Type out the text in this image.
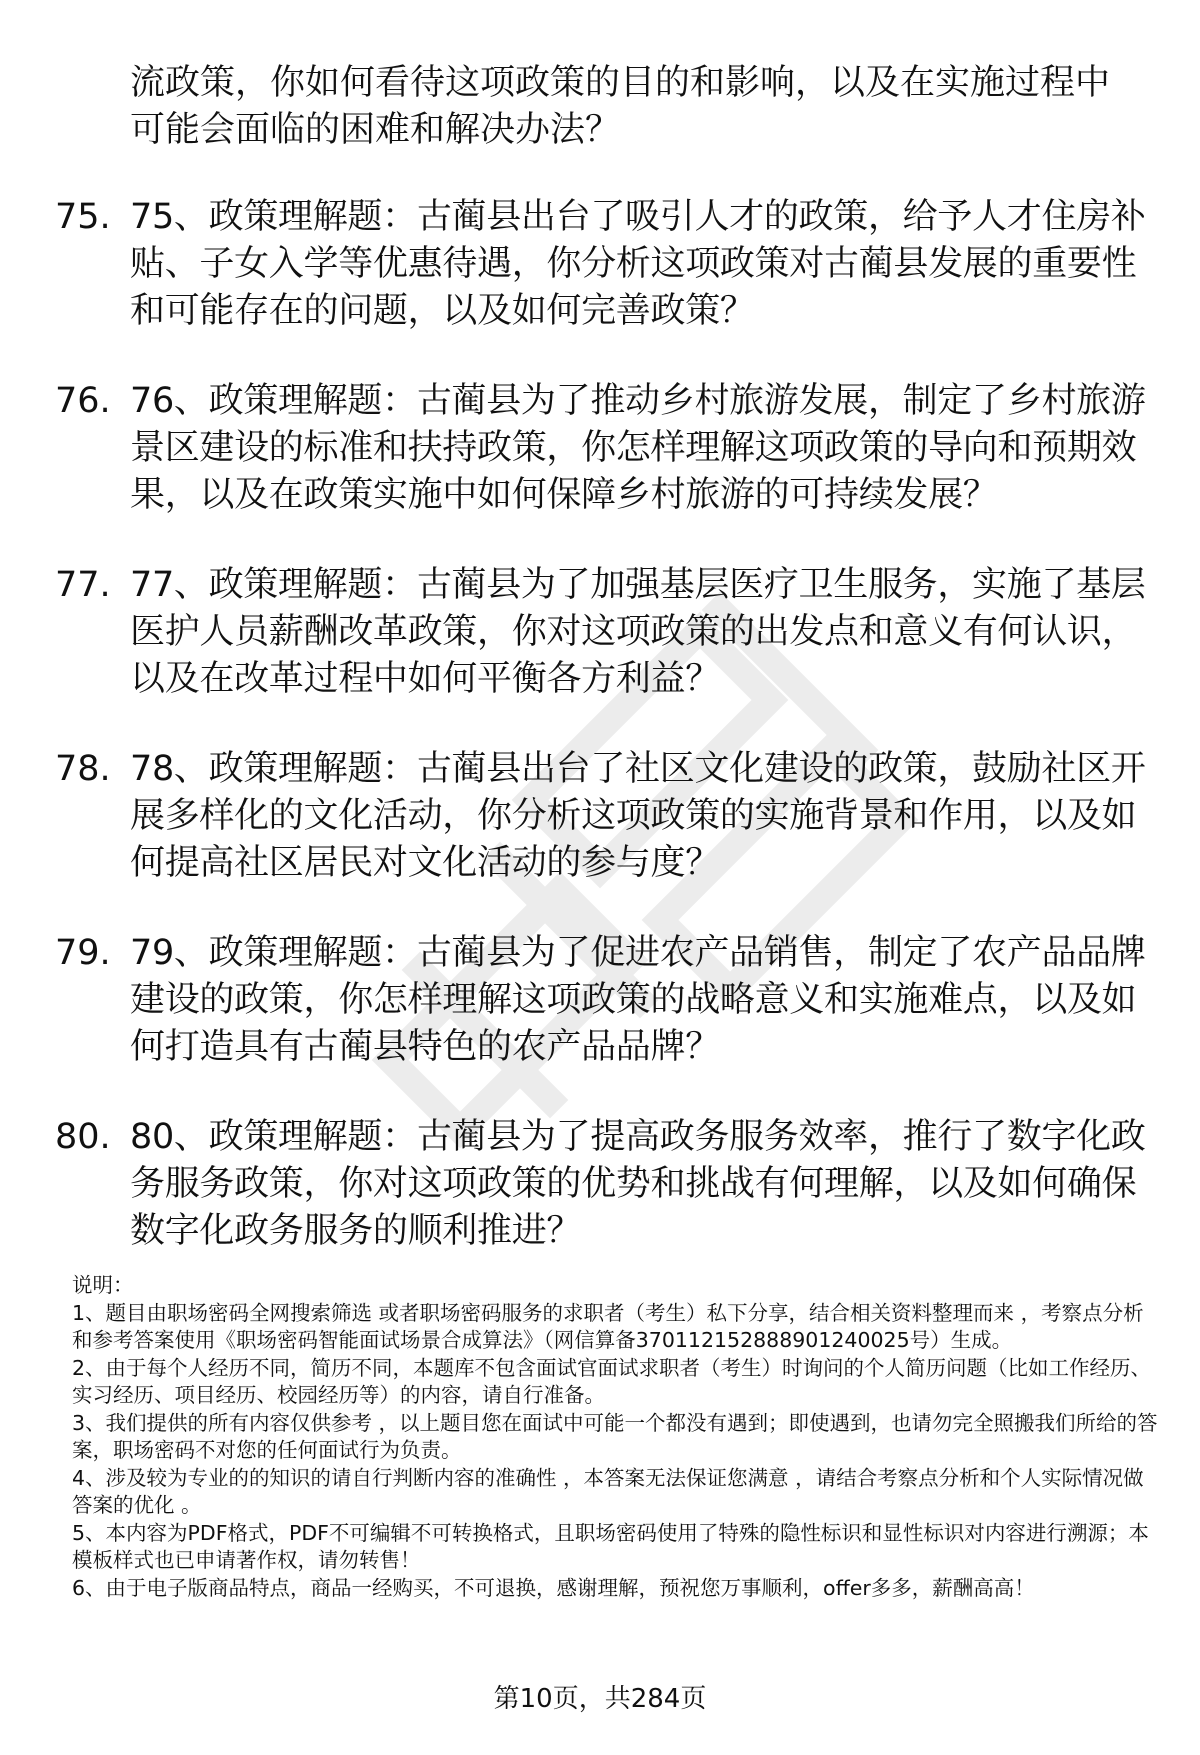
流政策，你如何看待这项政策的目的和影响，以及在实施过程中可能会面临的困难和解决办法？

75. 75、政策理解题：古蔺县出台了吸引人才的政策，给予人才住房补贴、子女入学等优惠待遇，你分析这项政策对古蔺县发展的重要性和可能存在的问题，以及如何完善政策？
76. 76、政策理解题：古蔺县为了推动乡村旅游发展，制定了乡村旅游景区建设的标准和扶持政策，你怎样理解这项政策的导向和预期效果，以及在政策实施中如何保障乡村旅游的可持续发展？
77. 77、政策理解题：古蔺县为了加强基层医疗卫生服务，实施了基层医护人员薪酬改革政策，你对这项政策的出发点和意义有何认识，以及在改革过程中如何平衡各方利益？
78. 78、政策理解题：古蔺县出台了社区文化建设的政策，鼓励社区开展多样化的文化活动，你分析这项政策的实施背景和作用，以及如何提高社区居民对文化活动的参与度？
79. 79、政策理解题：古蔺县为了促进农产品销售，制定了农产品品牌建设的政策，你怎样理解这项政策的战略意义和实施难点，以及如何打造具有古蔺县特色的农产品品牌？
80. 80、政策理解题：古蔺县为了提高政务服务效率，推行了数字化政务服务政策，你对这项政策的优势和挑战有何理解，以及如何确保数字化政务服务的顺利推进？

说明：

1、题目由职场密码全网搜索筛选 或者职场密码服务的求职者（考生）私下分享，结合相关资料整理而来 ，考察点分析和参考答案使用《职场密码智能面试场景合成算法》（网信算备370112152888901240025号）生成。

2、由于每个人经历不同，简历不同，本题库不包含面试官面试求职者（考生）时询问的个人简历问题（比如工作经历、实习经历、项目经历、校园经历等）的内容，请自行准备。

3、我们提供的所有内容仅供参考 ，以上题目您在面试中可能一个都没有遇到；即使遇到，也请勿完全照搬我们所给的答案，职场密码不对您的任何面试行为负责。

4、涉及较为专业的的知识的请自行判断内容的准确性 ，本答案无法保证您满意 ，请结合考察点分析和个人实际情况做答案的优化 。

5、本内容为PDF格式，PDF不可编辑不可转换格式，且职场密码使用了特殊的隐性标识和显性标识对内容进行溯源；本模板样式也已申请著作权，请勿转售！

6、由于电子版商品特点，商品一经购买，不可退换，感谢理解，预祝您万事顺利，offer多多，薪酬高高！

第10页，共284页
